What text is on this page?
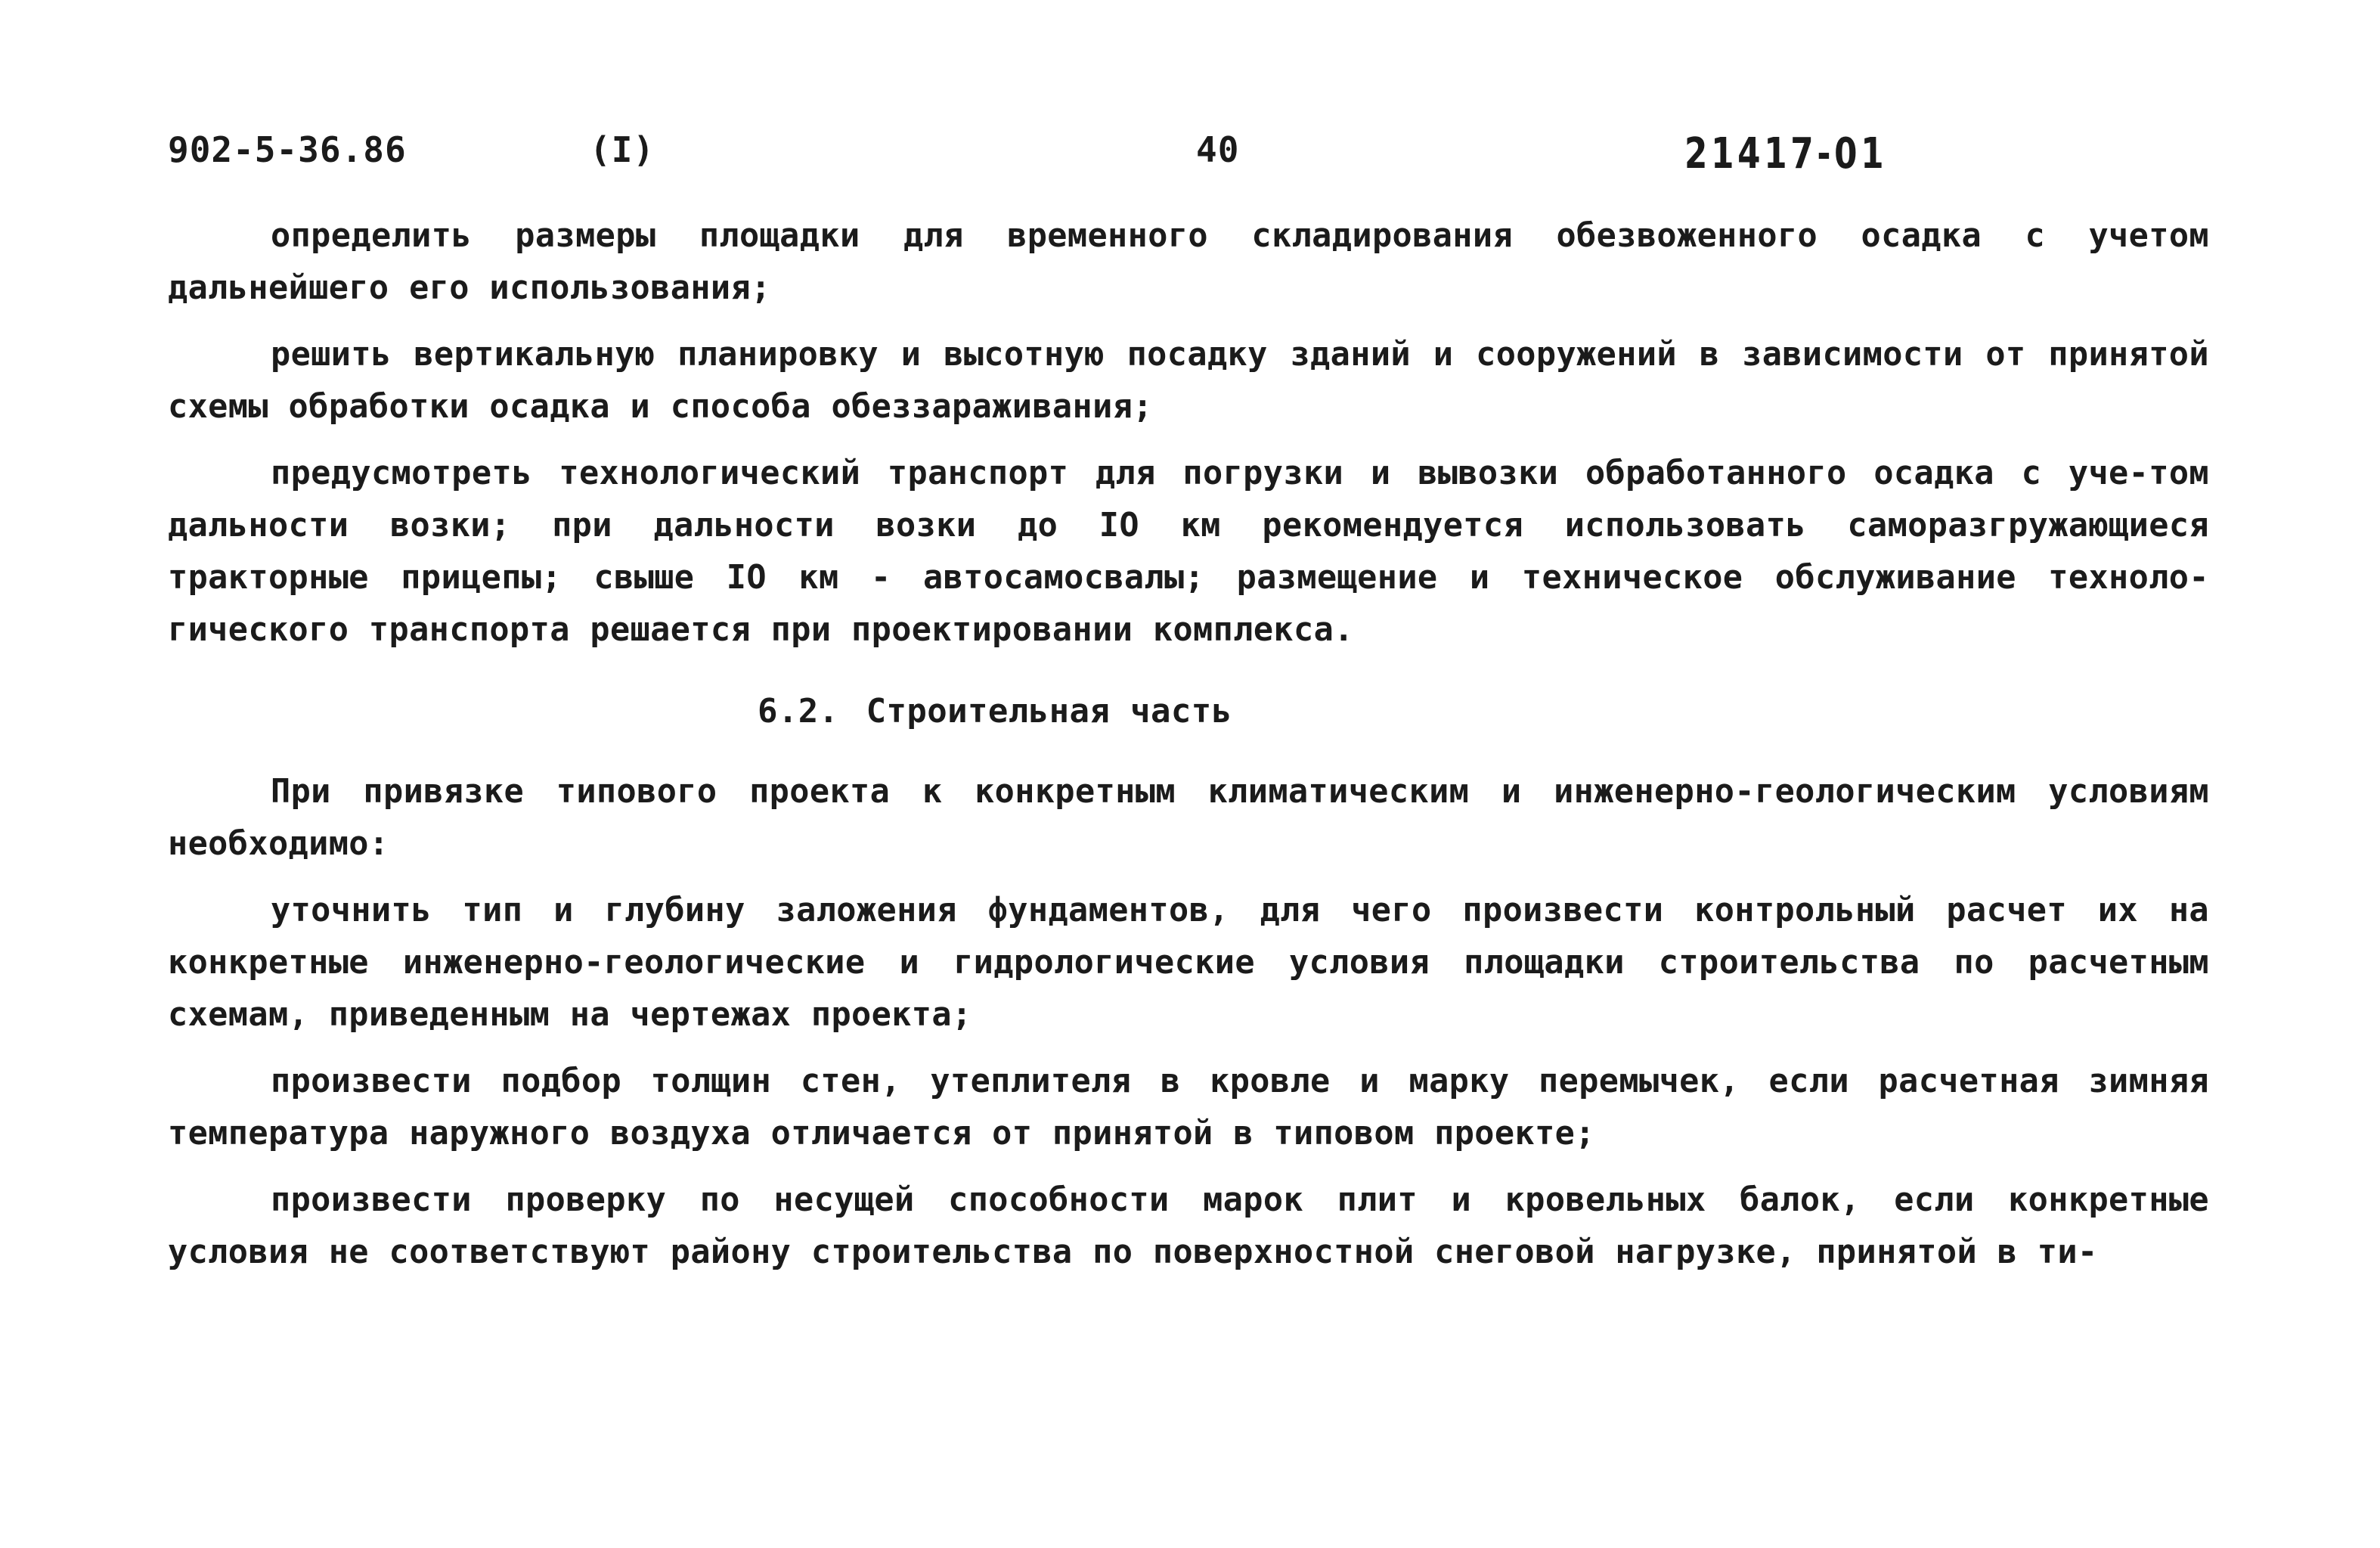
902-5-36.86	(I)	40	21417-01

определить размеры площадки для временного складирования обезвоженного осадка с учетом дальнейшего его использования;

решить вертикальную планировку и высотную посадку зданий и сооружений в зависимости от принятой схемы обработки осадка и способа обеззараживания;

предусмотреть технологический транспорт для погрузки и вывозки обработанного осадка с уче-том дальности возки; при дальности возки до IO км рекомендуется использовать саморазгружающиеся тракторные прицепы; свыше IO км - автосамосвалы; размещение и техническое обслуживание техноло-гического транспорта решается при проектировании комплекса.

6.2. Строительная часть

При привязке типового проекта к конкретным климатическим и инженерно-геологическим условиям необходимо:

уточнить тип и глубину заложения фундаментов, для чего произвести контрольный расчет их на конкретные инженерно-геологические и гидрологические условия площадки строительства по расчетным схемам, приведенным на чертежах проекта;

произвести подбор толщин стен, утеплителя в кровле и марку перемычек, если расчетная зимняя температура наружного воздуха отличается от принятой в типовом проекте;

произвести проверку по несущей способности марок плит и кровельных балок, если конкретные условия не соответствуют району строительства по поверхностной снеговой нагрузке, принятой в ти-
